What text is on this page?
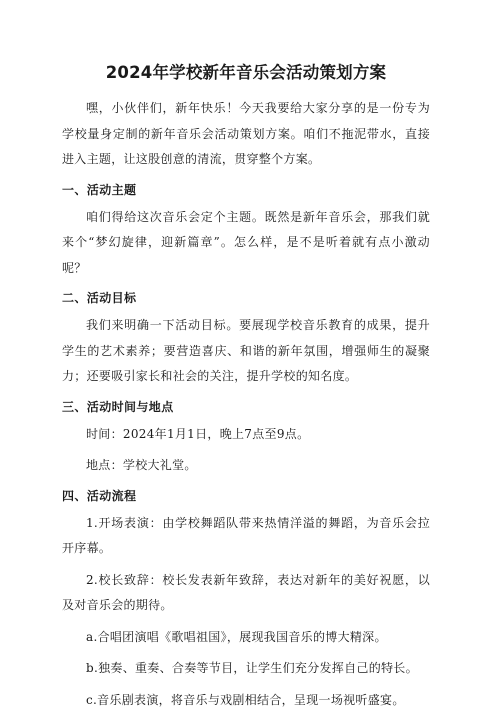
2024年学校新年音乐会活动策划方案

嘿，小伙伴们，新年快乐！今天我要给大家分享的是一份专为学校量身定制的新年音乐会活动策划方案。咱们不拖泥带水，直接进入主题，让这股创意的清流，贯穿整个方案。

一、活动主题

咱们得给这次音乐会定个主题。既然是新年音乐会，那我们就来个“梦幻旋律，迎新篇章”。怎么样，是不是听着就有点小激动呢？

二、活动目标

我们来明确一下活动目标。要展现学校音乐教育的成果，提升学生的艺术素养；要营造喜庆、和谐的新年氛围，增强师生的凝聚力；还要吸引家长和社会的关注，提升学校的知名度。

三、活动时间与地点

时间：2024年1月1日，晚上7点至9点。

地点：学校大礼堂。

四、活动流程

1.开场表演：由学校舞蹈队带来热情洋溢的舞蹈，为音乐会拉开序幕。

2.校长致辞：校长发表新年致辞，表达对新年的美好祝愿，以及对音乐会的期待。

a.合唱团演唱《歌唱祖国》，展现我国音乐的博大精深。

b.独奏、重奏、合奏等节目，让学生们充分发挥自己的特长。

c.音乐剧表演，将音乐与戏剧相结合，呈现一场视听盛宴。
